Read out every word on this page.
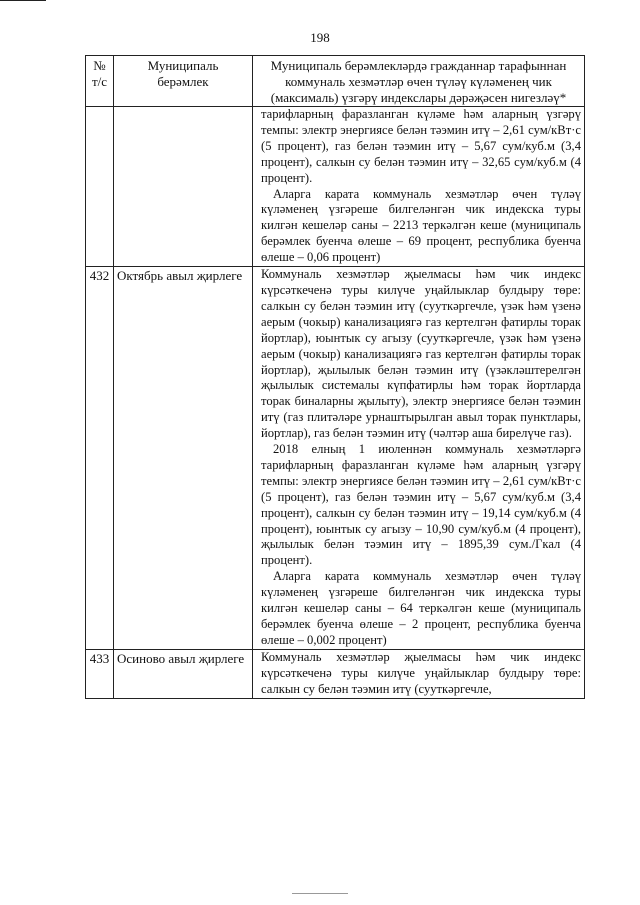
198
№ т/с	Муниципаль берәмлек	Муниципаль берәмлекләрдә гражданнар тарафыннан коммуналь хезмәтләр өчен түләү күләменең чик (максималь) үзгәрү индекслары дәрәҗәсен нигезләү*

		тарифларның фаразланган күләме һәм аларның үзгәрү темпы: электр энергиясе белән тәэмин итү – 2,61 сум/кВт·с (5 процент), газ белән тәэмин итү – 5,67 сум/куб.м (3,4 процент), салкын су белән тәэмин итү – 32,65 сум/куб.м (4 процент).

Аларга карата коммуналь хезмәтләр өчен түләү күләменең үзгәреше билгеләнгән чик индекска туры килгән кешеләр саны – 2213 теркәлгән кеше (муниципаль берәмлек буенча өлеше – 69 процент, республика буенча өлеше – 0,06 процент)

432	Октябрь авыл җирлеге	Коммуналь хезмәтләр җыелмасы һәм чик индекс күрсәткеченә туры килүче уңайлыклар булдыру төре: салкын су белән тәэмин итү (сууткәргечле, үзәк һәм үзенә аерым (чокыр) канализациягә газ кертелгән фатирлы торак йортлар), юынтык су агызу (сууткәргечле, үзәк һәм үзенә аерым (чокыр) канализациягә газ кертелгән фатирлы торак йортлар), җылылык белән тәэмин итү (үзәкләштерелгән җылылык системалы күпфатирлы һәм торак йортларда торак биналарны җылыту), электр энергиясе белән тәэмин итү (газ плитәләре урнаштырылган авыл торак пунктлары, йортлар), газ белән тәэмин итү (чәлтәр аша бирелүче газ).

2018 елның 1 июленнән коммуналь хезмәтләргә тарифларның фаразланган күләме һәм аларның үзгәрү темпы: электр энергиясе белән тәэмин итү – 2,61 сум/кВт·с (5 процент), газ белән тәэмин итү – 5,67 сум/куб.м (3,4 процент), салкын су белән тәэмин итү – 19,14 сум/куб.м (4 процент), юынтык су агызу – 10,90 сум/куб.м (4 процент), җылылык белән тәэмин итү – 1895,39 сум./Гкал (4 процент).

Аларга карата коммуналь хезмәтләр өчен түләү күләменең үзгәреше билгеләнгән чик индекска туры килгән кешеләр саны – 64 теркәлгән кеше (муниципаль берәмлек буенча өлеше – 2 процент, республика буенча өлеше – 0,002 процент)

433	Осиново авыл җирлеге	Коммуналь хезмәтләр җыелмасы һәм чик индекс күрсәткеченә туры килүче уңайлыклар булдыру төре: салкын су белән тәэмин итү (сууткәргечле,
